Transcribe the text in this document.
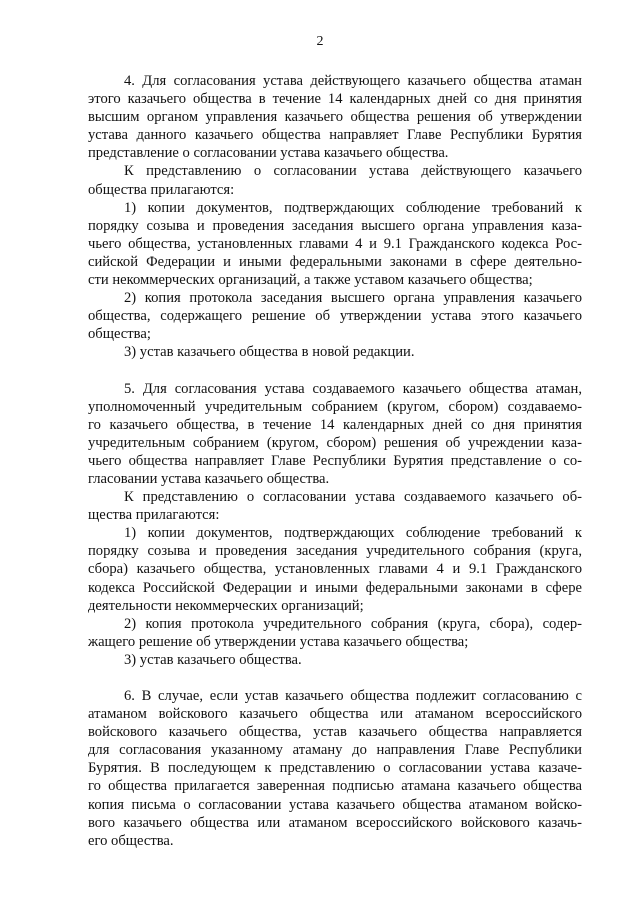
2
4. Для согласования устава действующего казачьего общества атаман
этого казачьего общества в течение 14 календарных дней со дня принятия
высшим органом управления казачьего общества решения об утверждении
устава данного казачьего общества направляет Главе Республики Бурятия
представление о согласовании устава казачьего общества.
К представлению о согласовании устава действующего казачьего
общества прилагаются:
1) копии документов, подтверждающих соблюдение требований к
порядку созыва и проведения заседания высшего органа управления каза-
чьего общества, установленных главами 4 и 9.1 Гражданского кодекса Рос-
сийской Федерации и иными федеральными законами в сфере деятельно-
сти некоммерческих организаций, а также уставом казачьего общества;
2) копия протокола заседания высшего органа управления казачьего
общества, содержащего решение об утверждении устава этого казачьего
общества;
3) устав казачьего общества в новой редакции.
5. Для согласования устава создаваемого казачьего общества атаман,
уполномоченный учредительным собранием (кругом, сбором) создаваемо-
го казачьего общества, в течение 14 календарных дней со дня принятия
учредительным собранием (кругом, сбором) решения об учреждении каза-
чьего общества направляет Главе Республики Бурятия представление о со-
гласовании устава казачьего общества.
К представлению о согласовании устава создаваемого казачьего об-
щества прилагаются:
1) копии документов, подтверждающих соблюдение требований к
порядку созыва и проведения заседания учредительного собрания (круга,
сбора) казачьего общества, установленных главами 4 и 9.1 Гражданского
кодекса Российской Федерации и иными федеральными законами в сфере
деятельности некоммерческих организаций;
2) копия протокола учредительного собрания (круга, сбора), содер-
жащего решение об утверждении устава казачьего общества;
3) устав казачьего общества.
6. В случае, если устав казачьего общества подлежит согласованию с
атаманом войскового казачьего общества или атаманом всероссийского
войскового казачьего общества, устав казачьего общества направляется
для согласования указанному атаману до направления Главе Республики
Бурятия. В последующем к представлению о согласовании устава казаче-
го общества прилагается заверенная подписью атамана казачьего общества
копия письма о согласовании устава казачьего общества атаманом войско-
вого казачьего общества или атаманом всероссийского войскового казачь-
его общества.
